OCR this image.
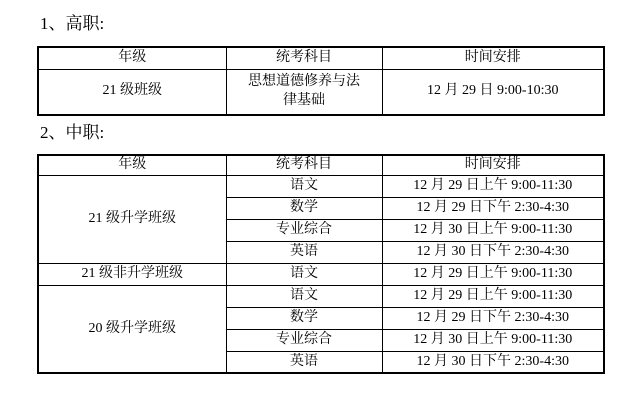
1、高职:
年级	统考科目	时间安排
21 级班级	思想道德修养与法律基础	12 月 29 日 9:00-10:30
2、中职:
年级	统考科目	时间安排
21 级升学班级	语文	12 月 29 日上午 9:00-11:30
	数学	12 月 29 日下午 2:30-4:30
	专业综合	12 月 30 日上午 9:00-11:30
	英语	12 月 30 日下午 2:30-4:30
21 级非升学班级	语文	12 月 29 日上午 9:00-11:30
20 级升学班级	语文	12 月 29 日上午 9:00-11:30
	数学	12 月 29 日下午 2:30-4:30
	专业综合	12 月 30 日上午 9:00-11:30
	英语	12 月 30 日下午 2:30-4:30
